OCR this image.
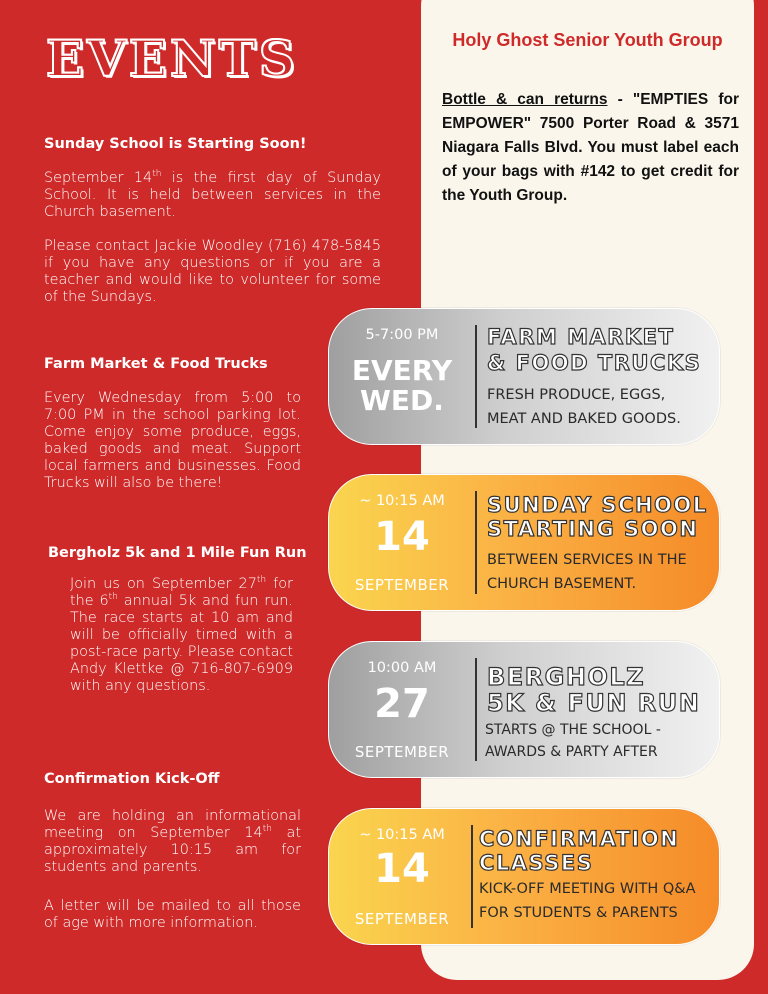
EVENTS
Sunday School is Starting Soon!

September 14th is the first day of Sunday School. It is held between services in the Church basement.

Please contact Jackie Woodley (716) 478-5845 if you have any questions or if you are a teacher and would like to volunteer for some of the Sundays.

Farm Market & Food Trucks

Every Wednesday from 5:00 to 7:00 PM in the school parking lot. Come enjoy some produce, eggs, baked goods and meat. Support local farmers and businesses. Food Trucks will also be there!

Bergholz 5k and 1 Mile Fun Run

Join us on September 27th for the 6th annual 5k and fun run. The race starts at 10 am and will be officially timed with a post-race party. Please contact Andy Klettke @ 716-807-6909 with any questions.

Confirmation Kick-Off

We are holding an informational meeting on September 14th at approximately 10:15 am for students and parents.

A letter will be mailed to all those of age with more information.

Holy Ghost Senior Youth Group

Bottle & can returns - "EMPTIES for EMPOWER" 7500 Porter Road & 3571 Niagara Falls Blvd. You must label each of your bags with #142 to get credit for the Youth Group.

5-7:00 PM
EVERY
WED.

FARM MARKET

& FOOD TRUCKS

FRESH PRODUCE, EGGS,

MEAT AND BAKED GOODS.

~ 10:15 AM
14
SEPTEMBER

SUNDAY SCHOOL

STARTING SOON

BETWEEN SERVICES IN THE

CHURCH BASEMENT.

10:00 AM
27
SEPTEMBER

BERGHOLZ

5K & FUN RUN

STARTS @ THE SCHOOL -

AWARDS & PARTY AFTER

~ 10:15 AM
14
SEPTEMBER

CONFIRMATION

CLASSES

KICK-OFF MEETING WITH Q&A

FOR STUDENTS & PARENTS
